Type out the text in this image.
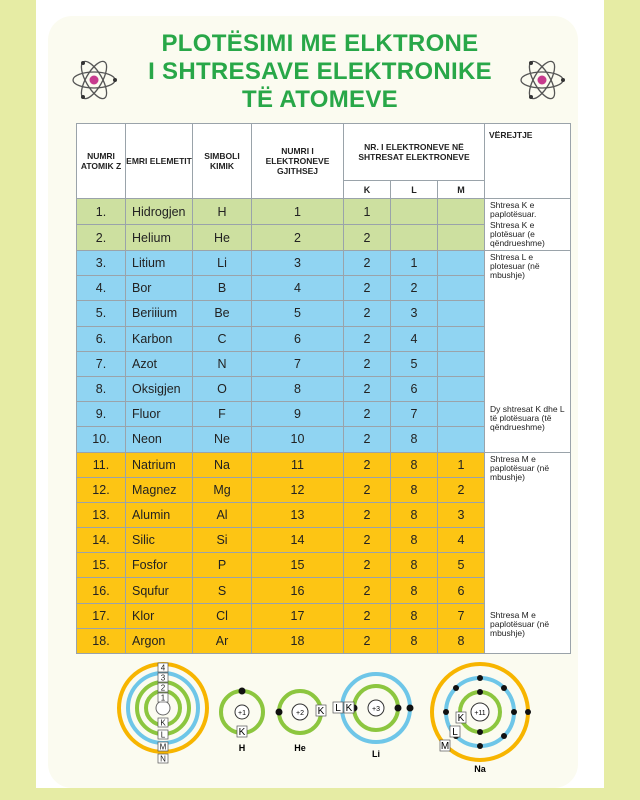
PLOTËSIMI ME ELKTRONE
I SHTRESAVE ELEKTRONIKE
TË ATOMEVE
NUMRI ATOMIK Z	EMRI ELEMETIT	SIMBOLI KIMIK	NUMRI I ELEKTRONEVE GJITHSEJ	NR. I ELEKTRONEVE NË SHTRESAT ELEKTRONEVE			VËREJTJE
				K	L	M	
1.	Hidrogjen	H	1	1			Shtresa K e paplotësuar.
Shtresa K e plotësuar (e qëndrueshme)

2.	Helium	He	2	2			
3.	Litium	Li	3	2	1		Shtresa L e plotesuar (në mbushje)
Dy shtresat K dhe L të plotësuara (të qëndrueshme)

4.	Bor	B	4	2	2		
5.	Beriiium	Be	5	2	3		
6.	Karbon	C	6	2	4		
7.	Azot	N	7	2	5		
8.	Oksigjen	O	8	2	6		
9.	Fluor	F	9	2	7		
10.	Neon	Ne	10	2	8		
11.	Natrium	Na	11	2	8	1	Shtresa M e paplotësuar (në mbushje)
Shtresa M e paplotësuar (në mbushje)

12.	Magnez	Mg	12	2	8	2	
13.	Alumin	Al	13	2	8	3	
14.	Silic	Si	14	2	8	4	
15.	Fosfor	P	15	2	8	5	
16.	Squfur	S	16	2	8	6	
17.	Klor	Cl	17	2	8	7	
18.	Argon	Ar	18	2	8	8	
4
3
2
1
K
L
M
N
+1
K
H
+2 K
He
+3
L K
Li
+11
K
L
M
Na
